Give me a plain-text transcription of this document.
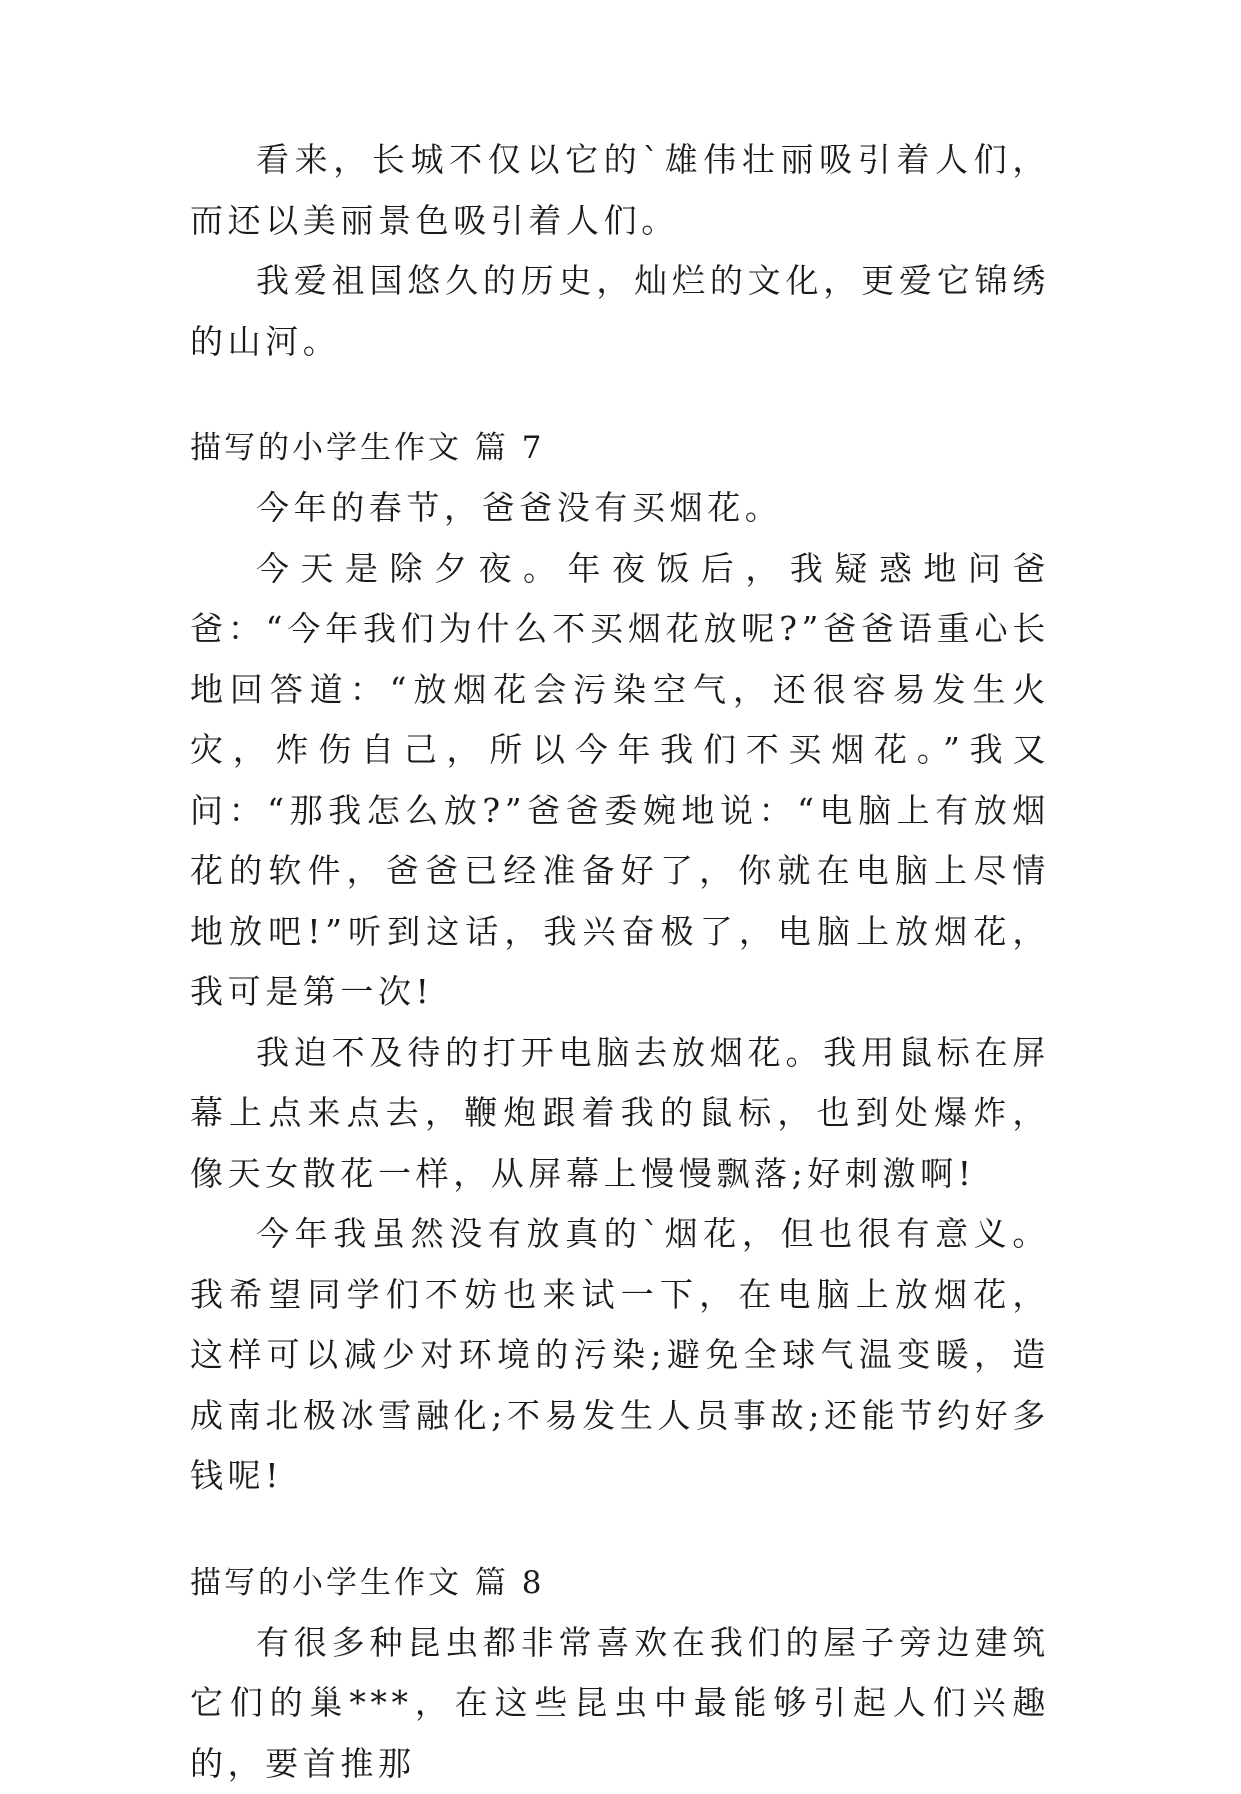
看来，长城不仅以它的`雄伟壮丽吸引着人们，而还以美丽景色吸引着人们。

我爱祖国悠久的历史，灿烂的文化，更爱它锦绣的山河。

描写的小学生作文 篇 7

今年的春节，爸爸没有买烟花。

今天是除夕夜。年夜饭后，我疑惑地问爸爸：“今年我们为什么不买烟花放呢?”爸爸语重心长地回答道：“放烟花会污染空气，还很容易发生火灾，炸伤自己，所以今年我们不买烟花。”我又问：“那我怎么放?”爸爸委婉地说：“电脑上有放烟花的软件，爸爸已经准备好了，你就在电脑上尽情地放吧!”听到这话，我兴奋极了，电脑上放烟花，我可是第一次!

我迫不及待的打开电脑去放烟花。我用鼠标在屏幕上点来点去，鞭炮跟着我的鼠标，也到处爆炸，像天女散花一样，从屏幕上慢慢飘落;好刺激啊!

今年我虽然没有放真的`烟花，但也很有意义。我希望同学们不妨也来试一下，在电脑上放烟花，这样可以减少对环境的污染;避免全球气温变暖，造成南北极冰雪融化;不易发生人员事故;还能节约好多钱呢!

描写的小学生作文 篇 8

有很多种昆虫都非常喜欢在我们的屋子旁边建筑它们的巢***，在这些昆虫中最能够引起人们兴趣的，要首推那
